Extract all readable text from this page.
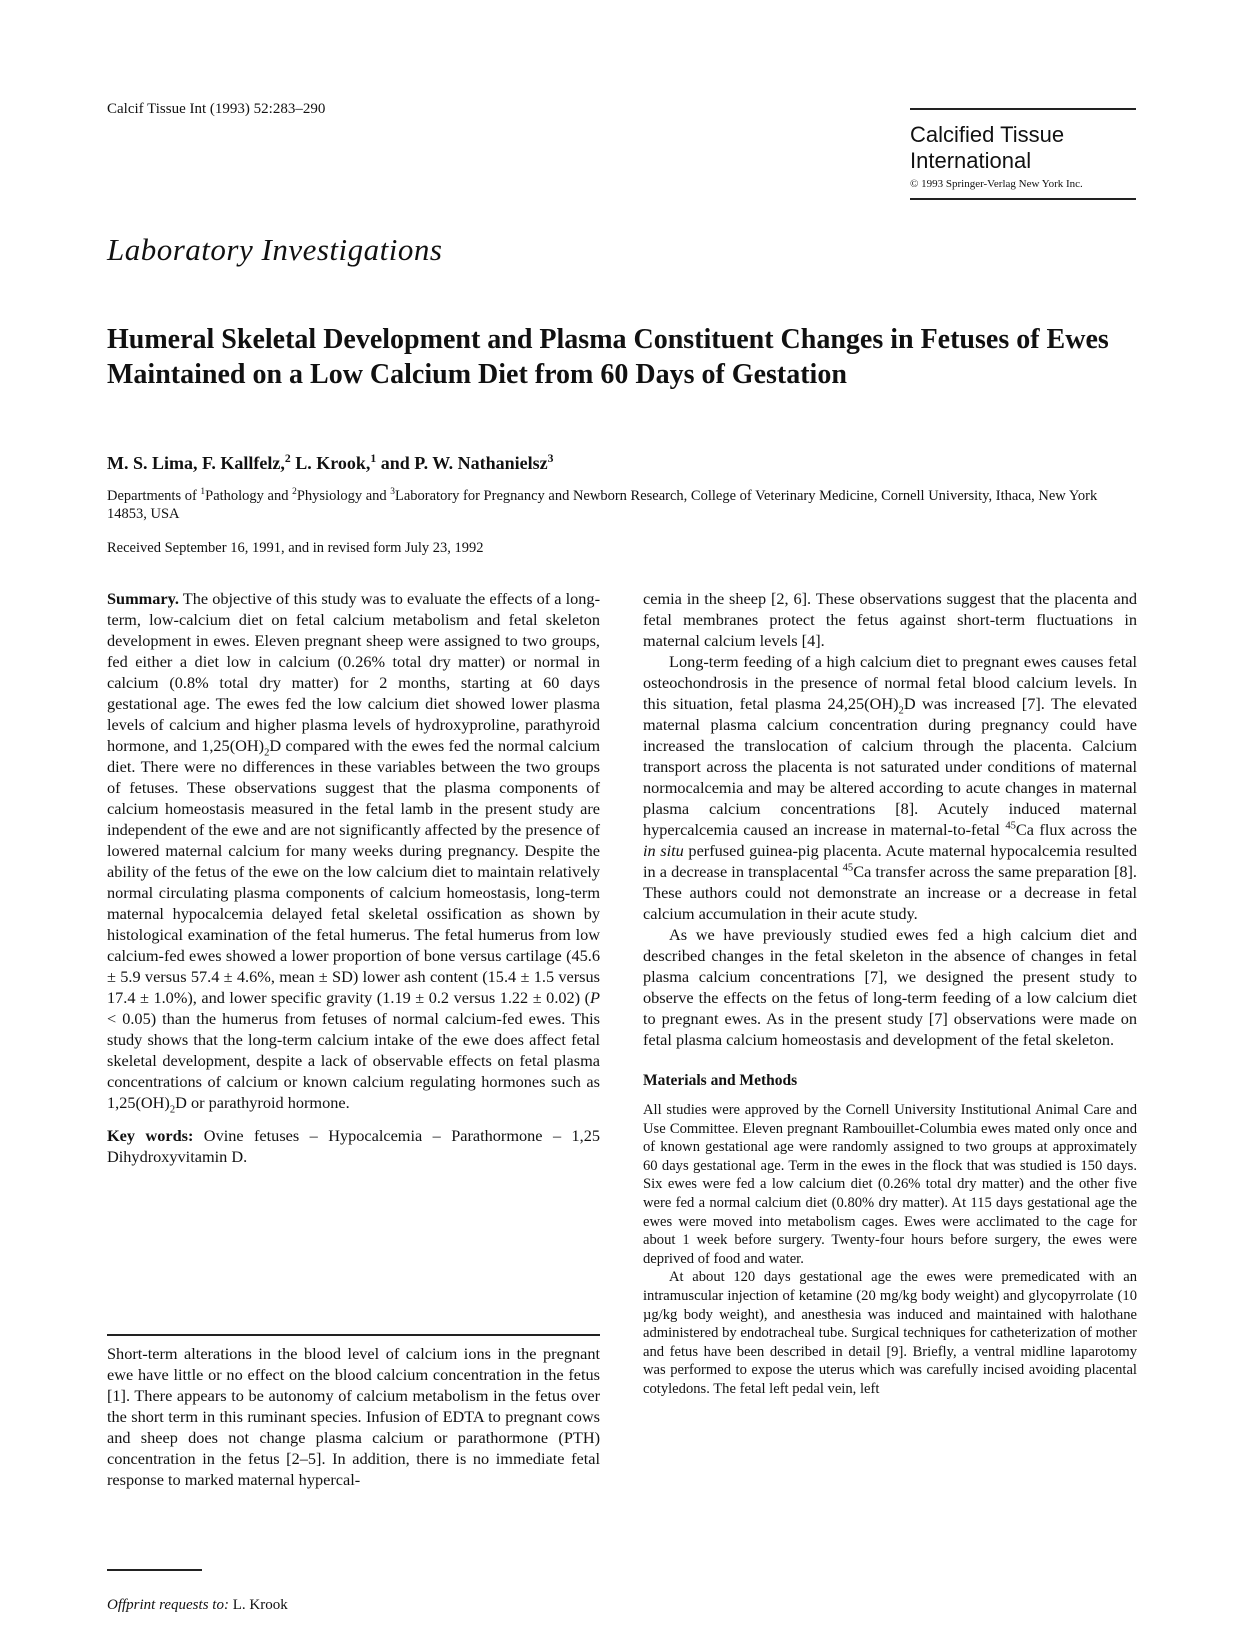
Calcif Tissue Int (1993) 52:283–290
Calcified Tissue
International
© 1993 Springer-Verlag New York Inc.
Laboratory Investigations
Humeral Skeletal Development and Plasma Constituent Changes in Fetuses of Ewes Maintained on a Low Calcium Diet from 60 Days of Gestation
M. S. Lima, F. Kallfelz,$^2$ L. Krook,$^1$ and P. W. Nathanielsz$^3$
Departments of $^1$Pathology and $^2$Physiology and $^3$Laboratory for Pregnancy and Newborn Research, College of Veterinary Medicine, Cornell University, Ithaca, New York 14853, USA
Received September 16, 1991, and in revised form July 23, 1992

Summary. The objective of this study was to evaluate the effects of a long-term, low-calcium diet on fetal calcium metabolism and fetal skeleton development in ewes. Eleven pregnant sheep were assigned to two groups, fed either a diet low in calcium (0.26% total dry matter) or normal in calcium (0.8% total dry matter) for 2 months, starting at 60 days gestational age. The ewes fed the low calcium diet showed lower plasma levels of calcium and higher plasma levels of hydroxyproline, parathyroid hormone, and $1,25(OH)_2D$ compared with the ewes fed the normal calcium diet. There were no differences in these variables between the two groups of fetuses. These observations suggest that the plasma components of calcium homeostasis measured in the fetal lamb in the present study are independent of the ewe and are not significantly affected by the presence of lowered maternal calcium for many weeks during pregnancy. Despite the ability of the fetus of the ewe on the low calcium diet to maintain relatively normal circulating plasma components of calcium homeostasis, long-term maternal hypocalcemia delayed fetal skeletal ossification as shown by histological examination of the fetal humerus. The fetal humerus from low calcium-fed ewes showed a lower proportion of bone versus cartilage (45.6 ± 5.9 versus 57.4 ± 4.6%, mean ± SD) lower ash content (15.4 ± 1.5 versus 17.4 ± 1.0%), and lower specific gravity (1.19 ± 0.2 versus 1.22 ± 0.02) (P < 0.05) than the humerus from fetuses of normal calcium-fed ewes. This study shows that the long-term calcium intake of the ewe does affect fetal skeletal development, despite a lack of observable effects on fetal plasma concentrations of calcium or known calcium regulating hormones such as $1,25(OH)_2D$ or parathyroid hormone.

Key words: Ovine fetuses – Hypocalcemia – Parathormone – 1,25 Dihydroxyvitamin D.

Short-term alterations in the blood level of calcium ions in the pregnant ewe have little or no effect on the blood calcium concentration in the fetus [1]. There appears to be autonomy of calcium metabolism in the fetus over the short term in this ruminant species. Infusion of EDTA to pregnant cows and sheep does not change plasma calcium or parathormone (PTH) concentration in the fetus [2–5]. In addition, there is no immediate fetal response to marked maternal hypercal-

Offprint requests to: L. Krook

cemia in the sheep [2, 6]. These observations suggest that the placenta and fetal membranes protect the fetus against short-term fluctuations in maternal calcium levels [4].

Long-term feeding of a high calcium diet to pregnant ewes causes fetal osteochondrosis in the presence of normal fetal blood calcium levels. In this situation, fetal plasma $24,25(OH)_2D$ was increased [7]. The elevated maternal plasma calcium concentration during pregnancy could have increased the translocation of calcium through the placenta. Calcium transport across the placenta is not saturated under conditions of maternal normocalcemia and may be altered according to acute changes in maternal plasma calcium concentrations [8]. Acutely induced maternal hypercalcemia caused an increase in maternal-to-fetal $^{45}$Ca flux across the in situ perfused guinea-pig placenta. Acute maternal hypocalcemia resulted in a decrease in transplacental $^{45}$Ca transfer across the same preparation [8]. These authors could not demonstrate an increase or a decrease in fetal calcium accumulation in their acute study.

As we have previously studied ewes fed a high calcium diet and described changes in the fetal skeleton in the absence of changes in fetal plasma calcium concentrations [7], we designed the present study to observe the effects on the fetus of long-term feeding of a low calcium diet to pregnant ewes. As in the present study [7] observations were made on fetal plasma calcium homeostasis and development of the fetal skeleton.

Materials and Methods

All studies were approved by the Cornell University Institutional Animal Care and Use Committee. Eleven pregnant Rambouillet-Columbia ewes mated only once and of known gestational age were randomly assigned to two groups at approximately 60 days gestational age. Term in the ewes in the flock that was studied is 150 days. Six ewes were fed a low calcium diet (0.26% total dry matter) and the other five were fed a normal calcium diet (0.80% dry matter). At 115 days gestational age the ewes were moved into metabolism cages. Ewes were acclimated to the cage for about 1 week before surgery. Twenty-four hours before surgery, the ewes were deprived of food and water.

At about 120 days gestational age the ewes were premedicated with an intramuscular injection of ketamine (20 mg/kg body weight) and glycopyrrolate (10 µg/kg body weight), and anesthesia was induced and maintained with halothane administered by endotracheal tube. Surgical techniques for catheterization of mother and fetus have been described in detail [9]. Briefly, a ventral midline laparotomy was performed to expose the uterus which was carefully incised avoiding placental cotyledons. The fetal left pedal vein, left
